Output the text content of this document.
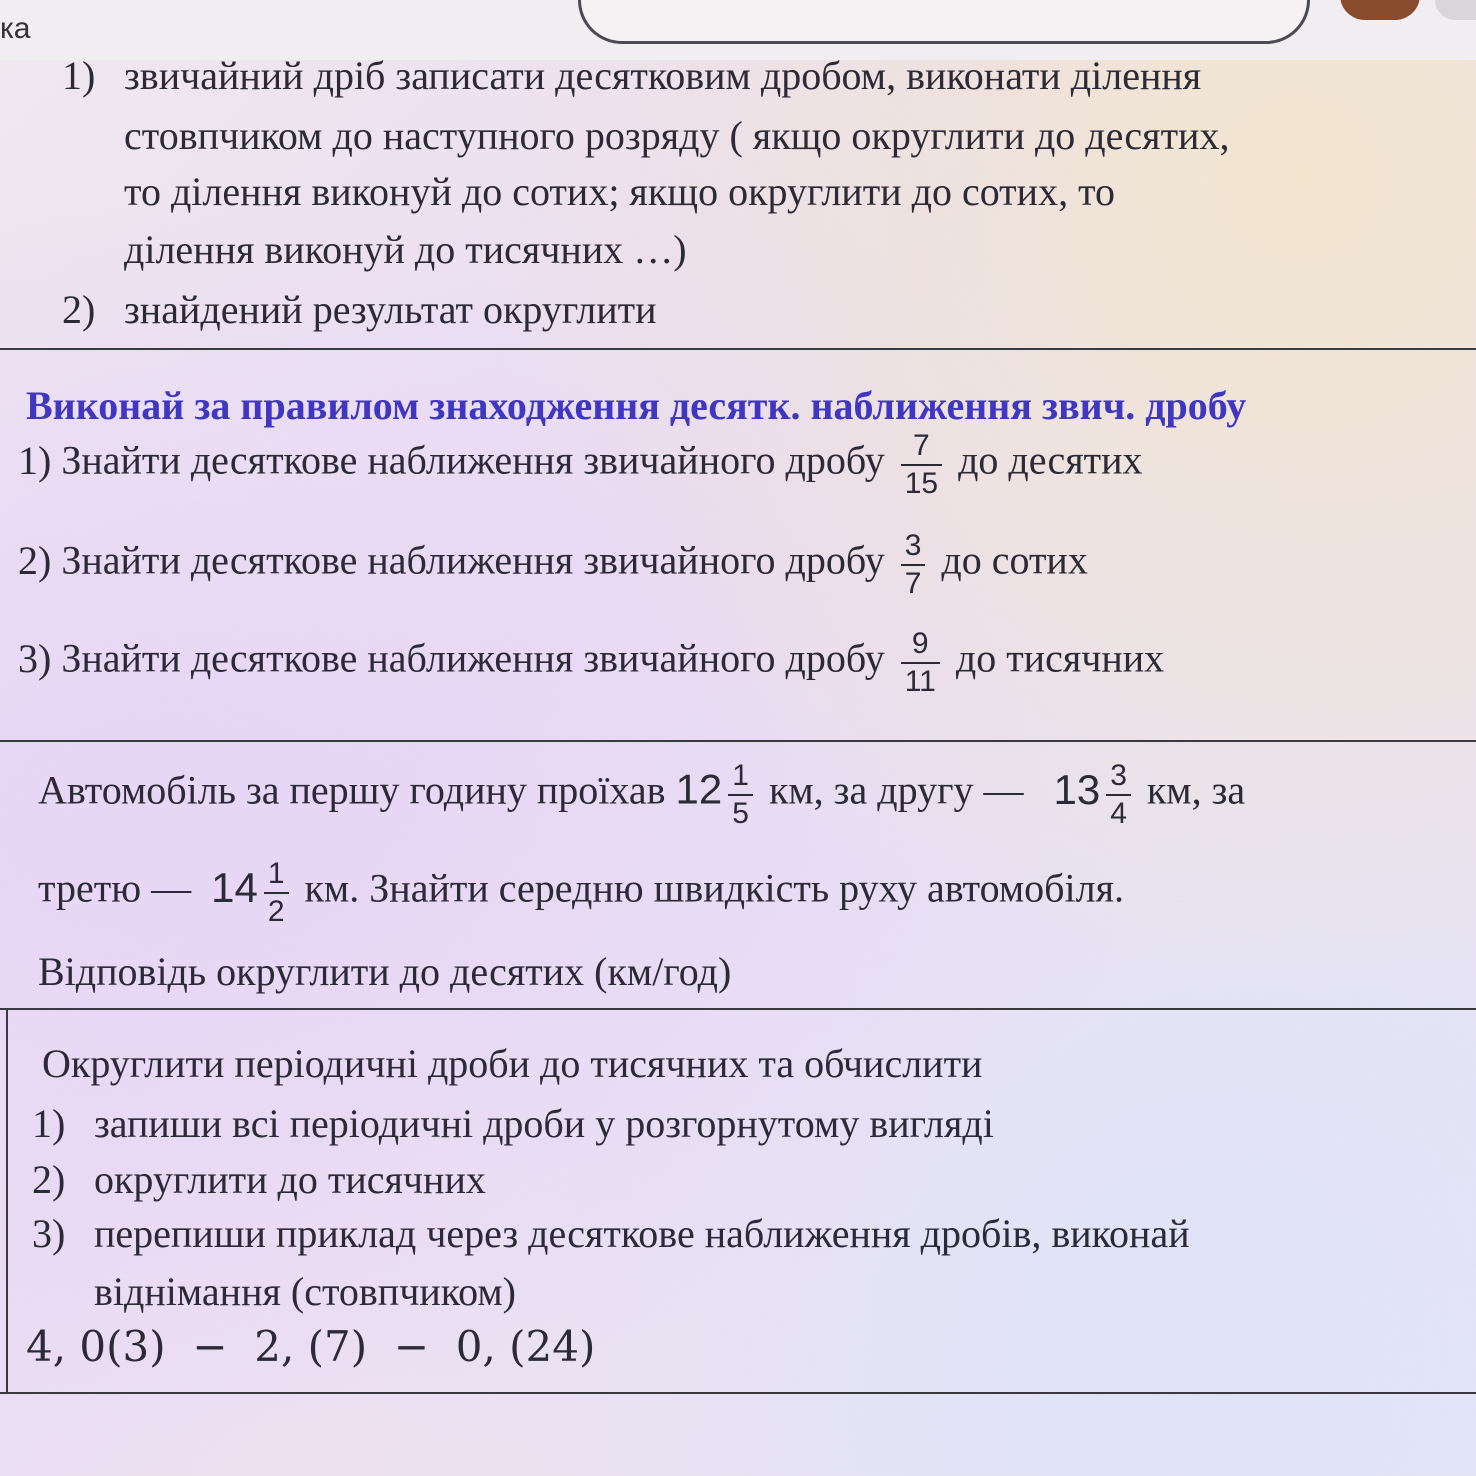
ка
1) звичайний дріб записати десятковим дробом, виконати ділення
стовпчиком до наступного розряду ( якщо округлити до десятих,
то ділення виконуй до сотих; якщо округлити до сотих, то
ділення виконуй до тисячних …)
2) знайдений результат округлити
Виконай за правилом знаходження десятк. наближення звич. дробу
1) Знайти десяткове наближення звичайного дробу $\frac{7}{15}$ до десятих
2) Знайти десяткове наближення звичайного дробу $\frac{3}{7}$ до сотих
3) Знайти десяткове наближення звичайного дробу $\frac{9}{11}$ до тисячних
Автомобіль за першу годину проїхав $12 \frac{1}{5}$ км, за другу — $13 \frac{3}{4}$ км, за
третю — $14 \frac{1}{2}$ км. Знайти середню швидкість руху автомобіля.
Відповідь округлити до десятих (км/год)
Округлити періодичні дроби до тисячних та обчислити
1) запиши всі періодичні дроби у розгорнутому вигляді
2) округлити до тисячних
3) перепиши приклад через десяткове наближення дробів, виконай
віднімання (стовпчиком)
4, 0(3)  −  2, (7)  −  0, (24)
